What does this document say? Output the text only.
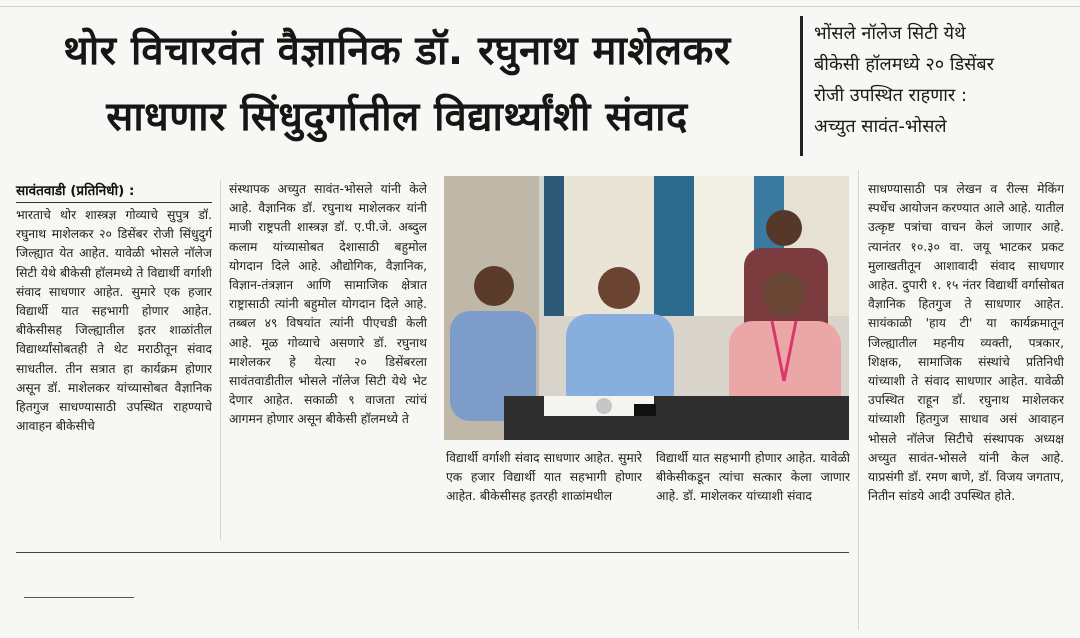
थोर विचारवंत वैज्ञानिक डॉ. रघुनाथ माशेलकर
साधणार सिंधुदुर्गातील विद्यार्थ्यांशी संवाद
भोंसले नॉलेज सिटी येथे
बीकेसी हॉलमध्ये २० डिसेंबर
रोजी उपस्थित राहणार :
अच्युत सावंत-भोसले
सावंतवाडी (प्रतिनिधी) :

भारताचे थोर शास्त्रज्ञ गोव्याचे सुपुत्र डॉ. रघुनाथ माशेलकर २० डिसेंबर रोजी सिंधुदुर्ग जिल्ह्यात येत आहेत. यावेळी भोसले नॉलेज सिटी येथे बीकेसी हॉलमध्ये ते विद्यार्थी वर्गाशी संवाद साधणार आहेत. सुमारे एक हजार विद्यार्थी यात सहभागी होणार आहेत. बीकेसीसह जिल्ह्यातील इतर शाळांतील विद्यार्थ्यांसोबतही ते थेट मराठीतून संवाद साधतील. तीन सत्रात हा कार्यक्रम होणार असून डॉ. माशेलकर यांच्यासोबत वैज्ञानिक हितगुज साधण्यासाठी उपस्थित राहण्याचे आवाहन बीकेसीचे

संस्थापक अच्युत सावंत-भोसले यांनी केले आहे. वैज्ञानिक डॉ. रघुनाथ माशेलकर यांनी माजी राष्ट्रपती शास्त्रज्ञ डॉ. ए.पी.जे. अब्दुल कलाम यांच्यासोबत देशासाठी बहुमोल योगदान दिले आहे. औद्योगिक, वैज्ञानिक, विज्ञान-तंत्रज्ञान आणि सामाजिक क्षेत्रात राष्ट्रासाठी त्यांनी बहुमोल योगदान दिले आहे. तब्बल ४९ विषयांत त्यांनी पीएचडी केली आहे. मूळ गोव्याचे असणारे डॉ. रघुनाथ माशेलकर हे येत्या २० डिसेंबरला सावंतवाडीतील भोसले नॉलेज सिटी येथे भेट देणार आहेत. सकाळी ९ वाजता त्यांचं आगमन होणार असून बीकेसी हॉलमध्ये ते

विद्यार्थी वर्गाशी संवाद साधणार आहेत. सुमारे एक हजार विद्यार्थी यात सहभागी होणार आहेत. बीकेसीसह इतरही शाळांमधील

विद्यार्थी यात सहभागी होणार आहेत. यावेळी बीकेसीकडून त्यांचा सत्कार केला जाणार आहे. डॉ. माशेलकर यांच्याशी संवाद

साधण्यासाठी पत्र लेखन व रील्स मेकिंग स्पर्धेच आयोजन करण्यात आले आहे. यातील उत्कृष्ट पत्रांचा वाचन केलं जाणार आहे. त्यानंतर १०.३० वा. जयू भाटकर प्रकट मुलाखतीतून आशावादी संवाद साधणार आहेत. दुपारी १. १५ नंतर विद्यार्थी वर्गासोबत वैज्ञानिक हितगुज ते साधणार आहेत. सायंकाळी 'हाय टी' या कार्यक्रमातून जिल्ह्यातील महनीय व्यक्ती, पत्रकार, शिक्षक, सामाजिक संस्थांचे प्रतिनिधी यांच्याशी ते संवाद साधणार आहेत. यावेळी उपस्थित राहून डॉ. रघुनाथ माशेलकर यांच्याशी हितगुज साधाव असं आवाहन भोसले नॉलेज सिटीचे संस्थापक अध्यक्ष अच्युत सावंत-भोसले यांनी केल आहे. याप्रसंगी डॉ. रमण बाणे, डॉ. विजय जगताप, नितीन सांडये आदी उपस्थित होते.
